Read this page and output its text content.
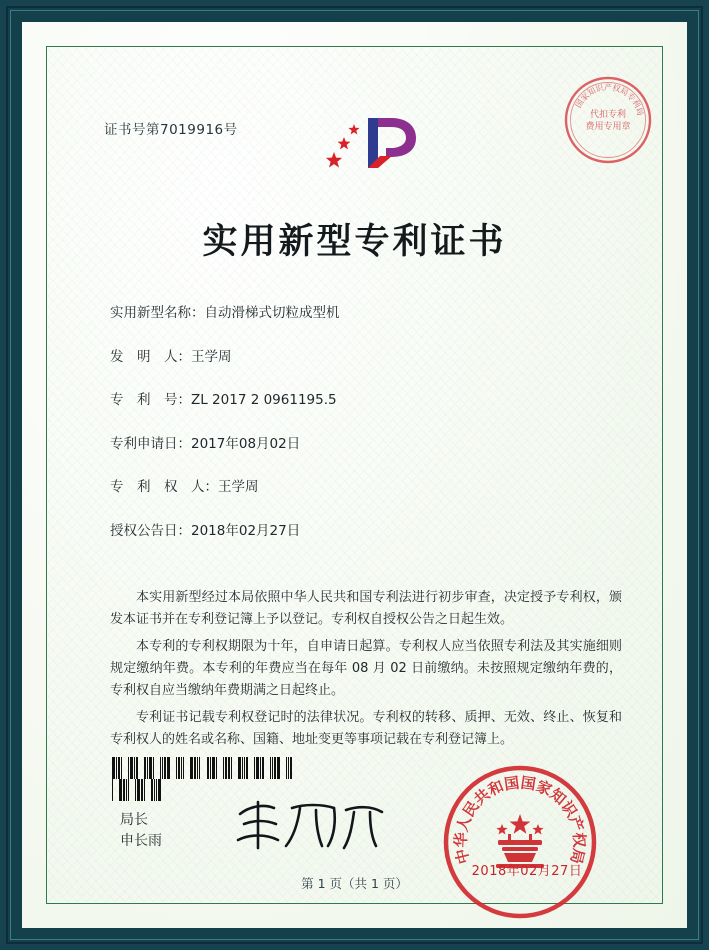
证书号第7019916号
国
家
知
识 产 权
局
专
利
局
代扣专利
费用专用章
实用新型专利证书
实用新型名称：自动滑梯式切粒成型机
发　明　人：王学周
专　利　号：ZL 2017 2 0961195.5
专利申请日：2017年08月02日
专　利　权　人：王学周
授权公告日：2018年02月27日

本实用新型经过本局依照中华人民共和国专利法进行初步审查，决定授予专利权，颁发本证书并在专利登记簿上予以登记。专利权自授权公告之日起生效。

本专利的专利权期限为十年，自申请日起算。专利权人应当依照专利法及其实施细则规定缴纳年费。本专利的年费应当在每年 08 月 02 日前缴纳。未按照规定缴纳年费的，专利权自应当缴纳年费期满之日起终止。

专利证书记载专利权登记时的法律状况。专利权的转移、质押、无效、终止、恢复和专利权人的姓名或名称、国籍、地址变更等事项记载在专利登记簿上。

局长
申长雨
中
华
人
民
共
和
国 国
家
知
识
产
权
局
2018年02月27日
第 1 页（共 1 页）
